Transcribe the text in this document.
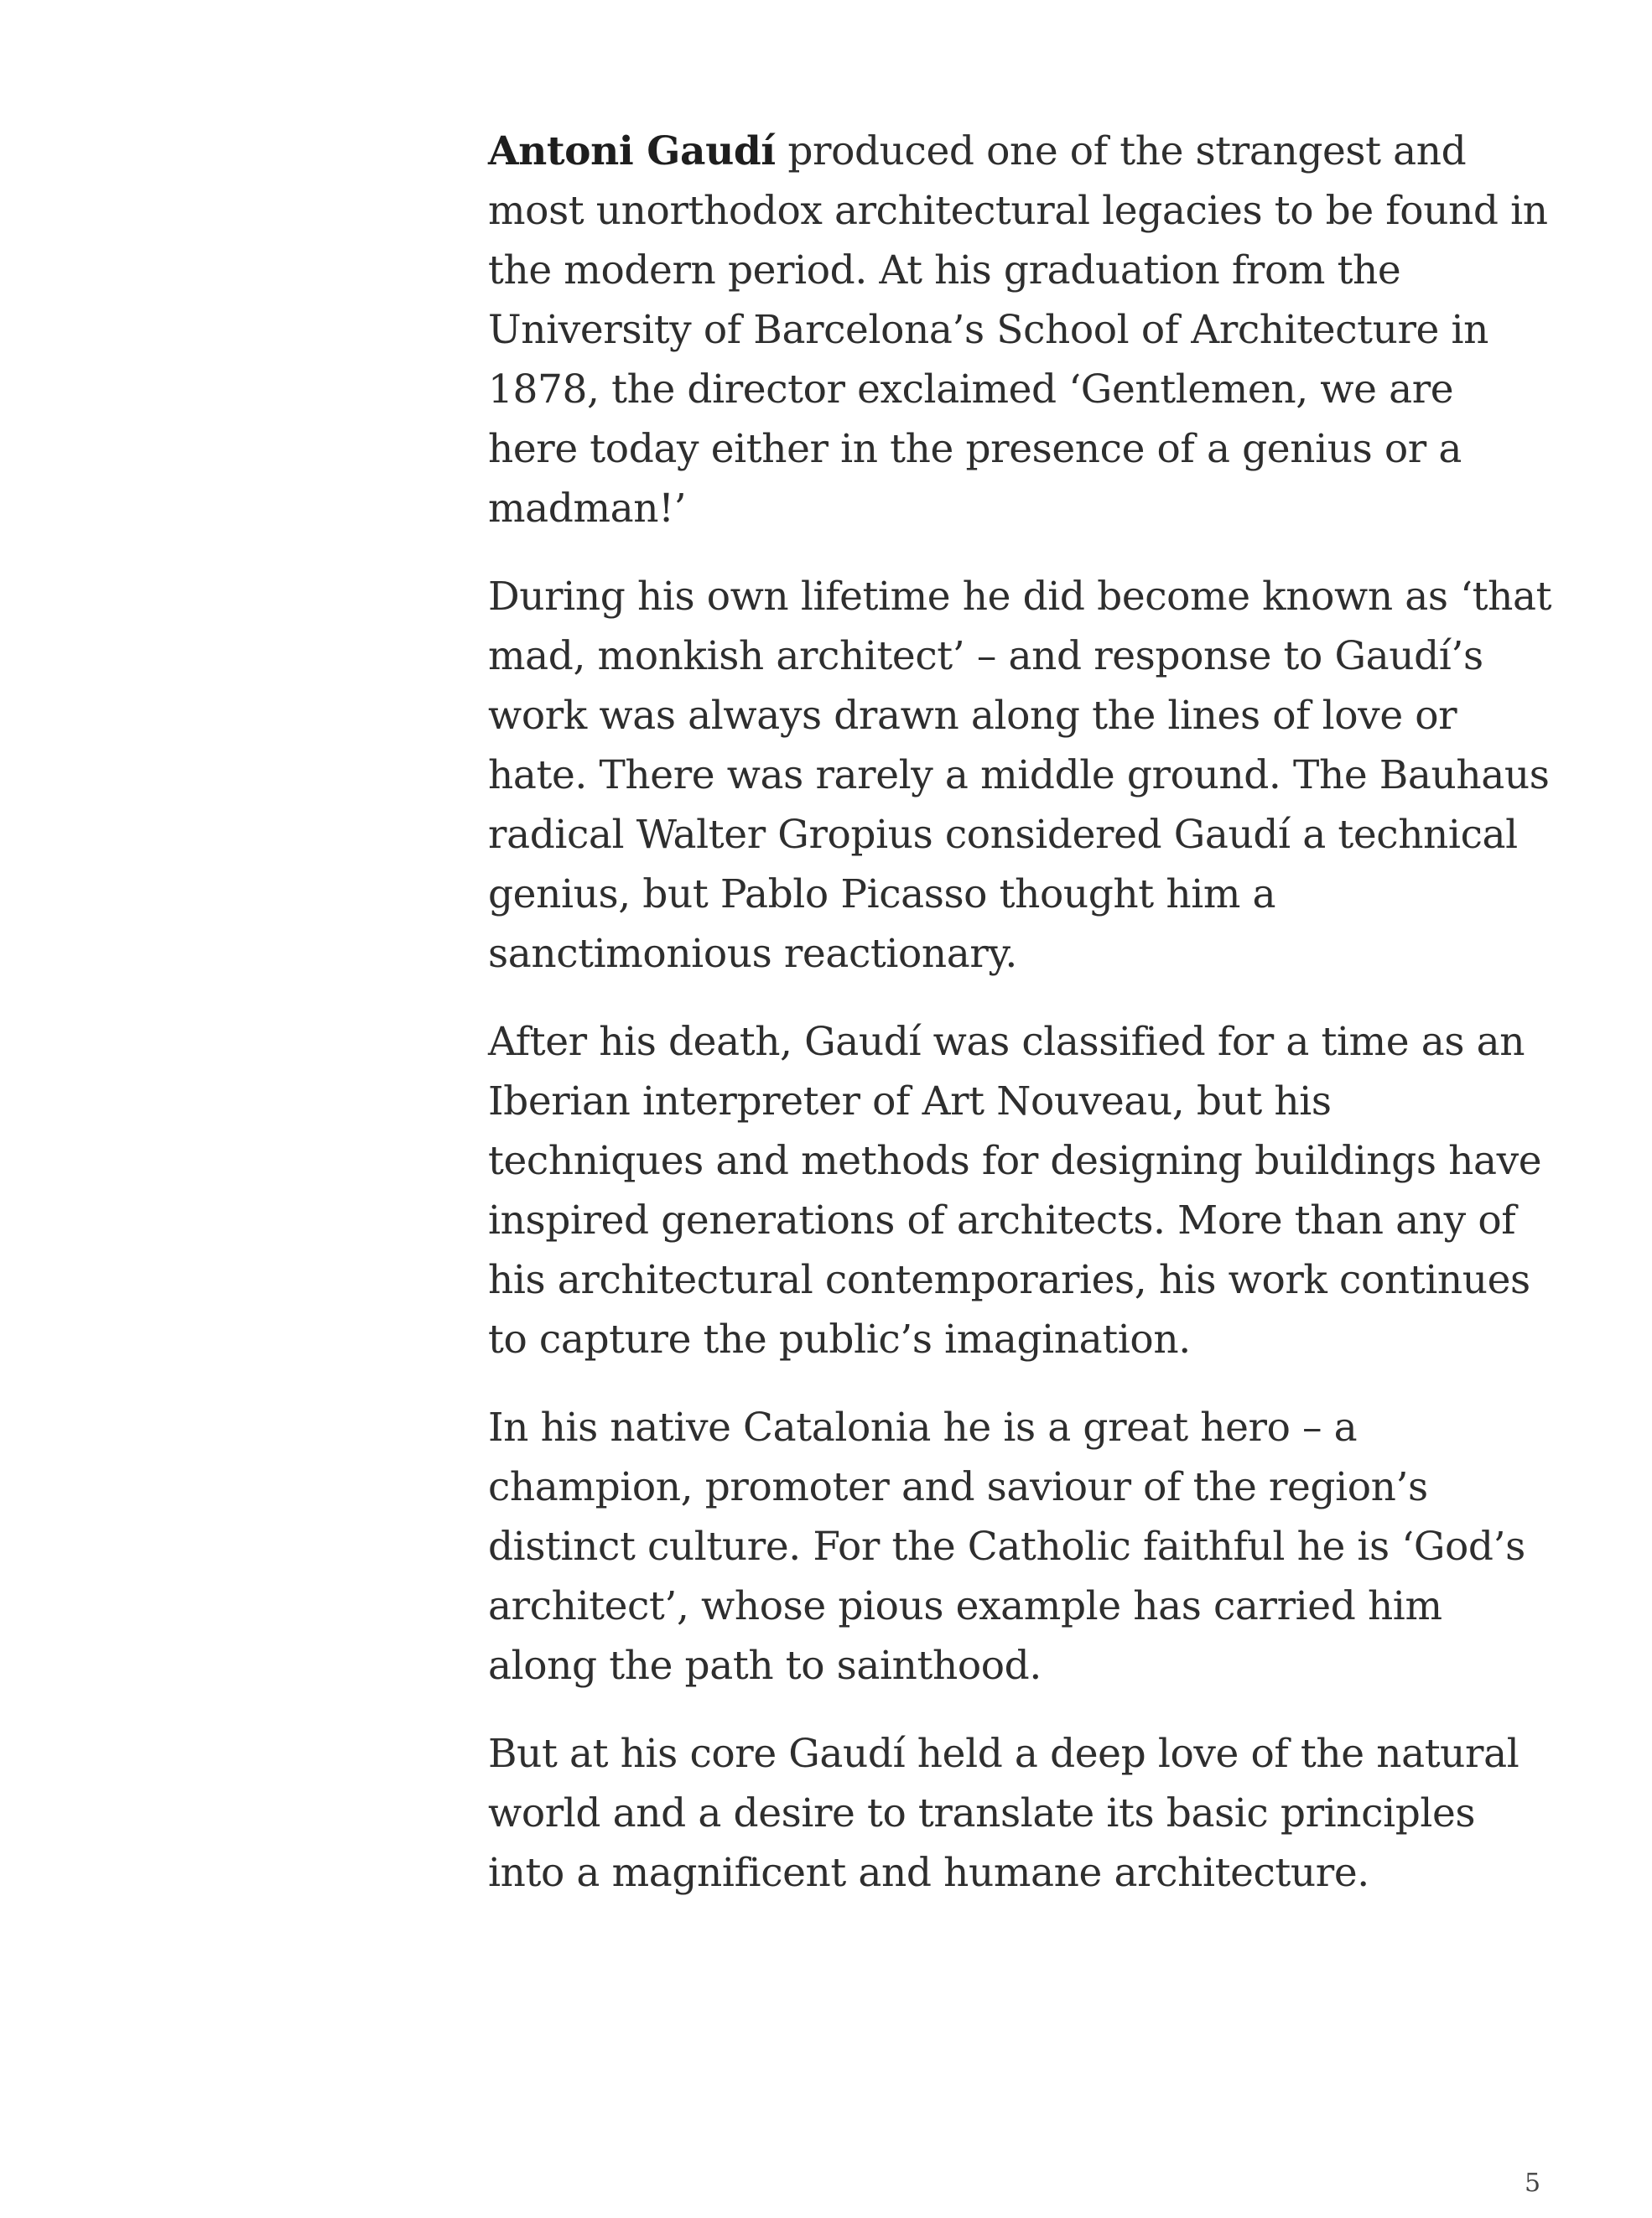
Antoni Gaudí produced one of the strangest and most unorthodox architectural legacies to be found in the modern period. At his graduation from the University of Barcelona’s School of Architecture in 1878, the director exclaimed ‘Gentlemen, we are here today either in the presence of a genius or a madman!’

During his own lifetime he did become known as ‘that mad, monkish architect’ – and response to Gaudí’s work was always drawn along the lines of love or hate. There was rarely a middle ground. The Bauhaus radical Walter Gropius considered Gaudí a technical genius, but Pablo Picasso thought him a sanctimonious reactionary.

After his death, Gaudí was classified for a time as an Iberian interpreter of Art Nouveau, but his techniques and methods for designing buildings have inspired generations of architects. More than any of his architectural contemporaries, his work continues to capture the public’s imagination.

In his native Catalonia he is a great hero – a champion, promoter and saviour of the region’s distinct culture. For the Catholic faithful he is ‘God’s architect’, whose pious example has carried him along the path to sainthood.

But at his core Gaudí held a deep love of the natural world and a desire to translate its basic principles into a magnificent and humane architecture.

5
